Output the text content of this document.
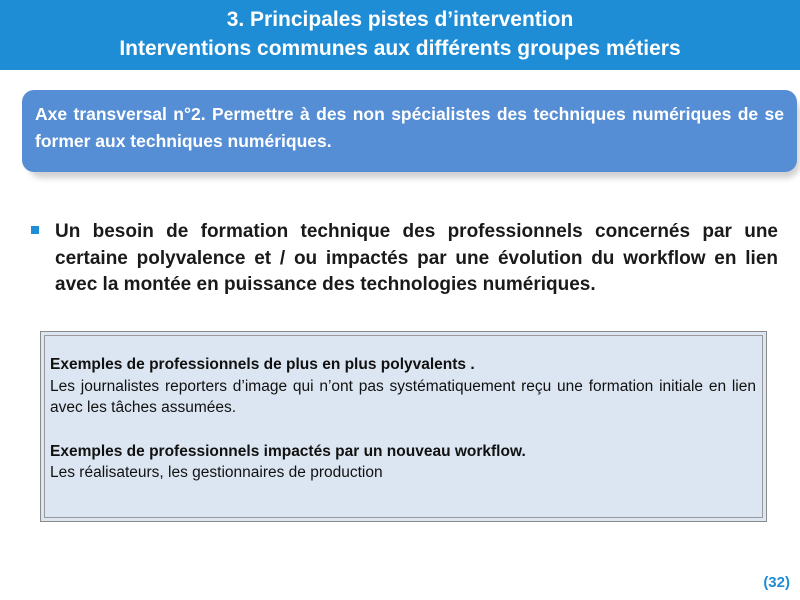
3. Principales pistes d’intervention
Interventions communes aux différents groupes métiers
Axe transversal n°2. Permettre à des non spécialistes des techniques numériques de se former aux techniques numériques.
Un besoin de formation technique des professionnels concernés par une certaine polyvalence et / ou impactés par une évolution du workflow en lien avec la montée en puissance des technologies numériques.
Exemples de professionnels de plus en plus polyvalents .
Les journalistes reporters d’image qui n’ont pas systématiquement reçu une formation initiale en lien avec les tâches assumées.
Exemples de professionnels impactés par un nouveau workflow.
Les réalisateurs, les gestionnaires de production
(32)
